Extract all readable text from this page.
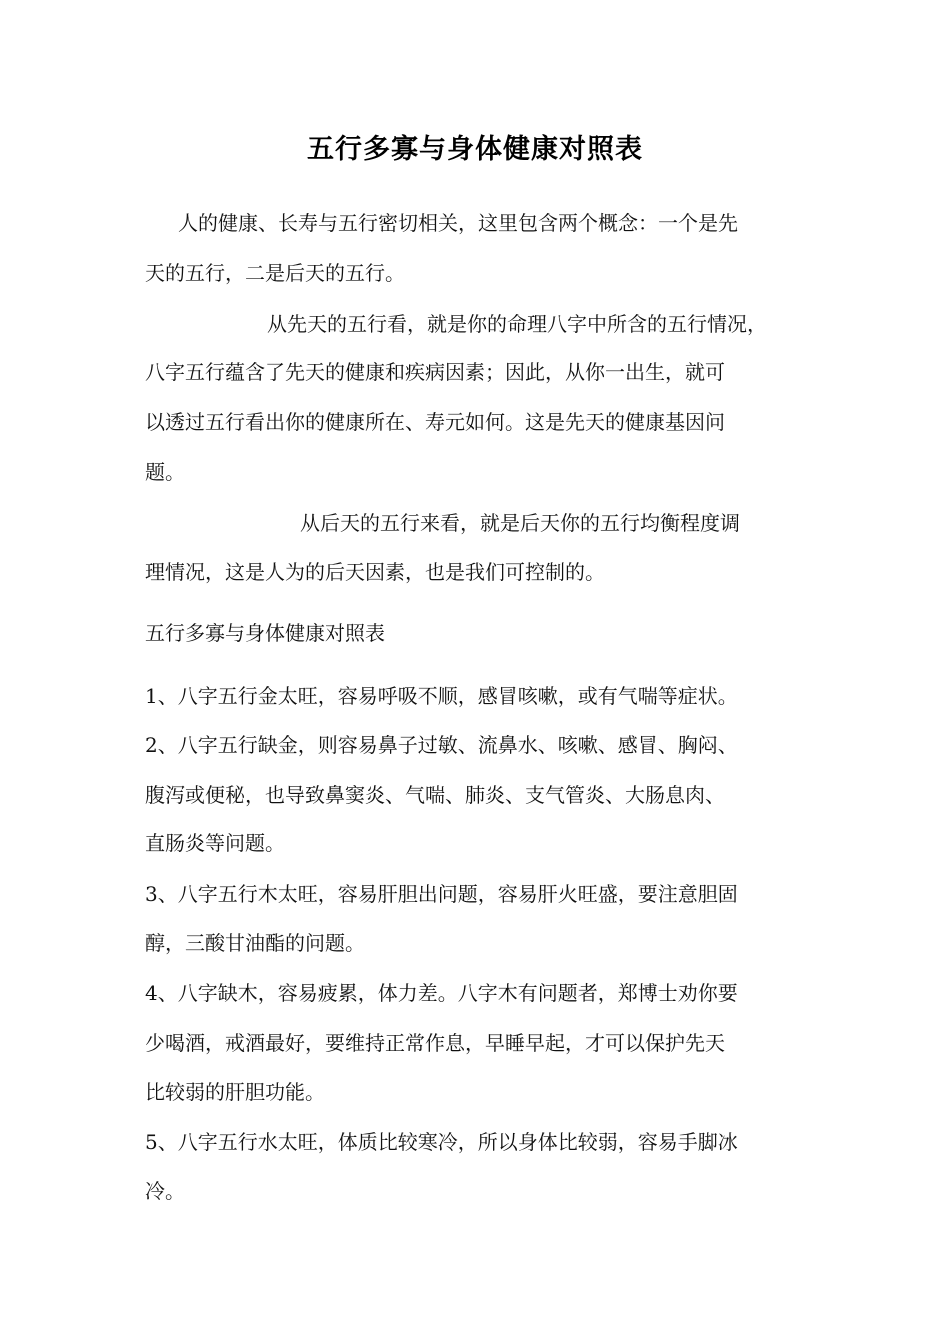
五行多寡与身体健康对照表
人的健康、长寿与五行密切相关，这里包含两个概念：一个是先
天的五行，二是后天的五行。
从先天的五行看，就是你的命理八字中所含的五行情况，
八字五行蕴含了先天的健康和疾病因素；因此，从你一出生，就可
以透过五行看出你的健康所在、寿元如何。这是先天的健康基因问
题。
从后天的五行来看，就是后天你的五行均衡程度调
理情况，这是人为的后天因素，也是我们可控制的。
五行多寡与身体健康对照表
1、八字五行金太旺，容易呼吸不顺，感冒咳嗽，或有气喘等症状。
2、八字五行缺金，则容易鼻子过敏、流鼻水、咳嗽、感冒、胸闷、
腹泻或便秘，也导致鼻窦炎、气喘、肺炎、支气管炎、大肠息肉、
直肠炎等问题。
3、八字五行木太旺，容易肝胆出问题，容易肝火旺盛，要注意胆固
醇，三酸甘油酯的问题。
4、八字缺木，容易疲累，体力差。八字木有问题者，郑博士劝你要
少喝酒，戒酒最好，要维持正常作息，早睡早起，才可以保护先天
比较弱的肝胆功能。
5、八字五行水太旺，体质比较寒冷，所以身体比较弱，容易手脚冰
冷。
